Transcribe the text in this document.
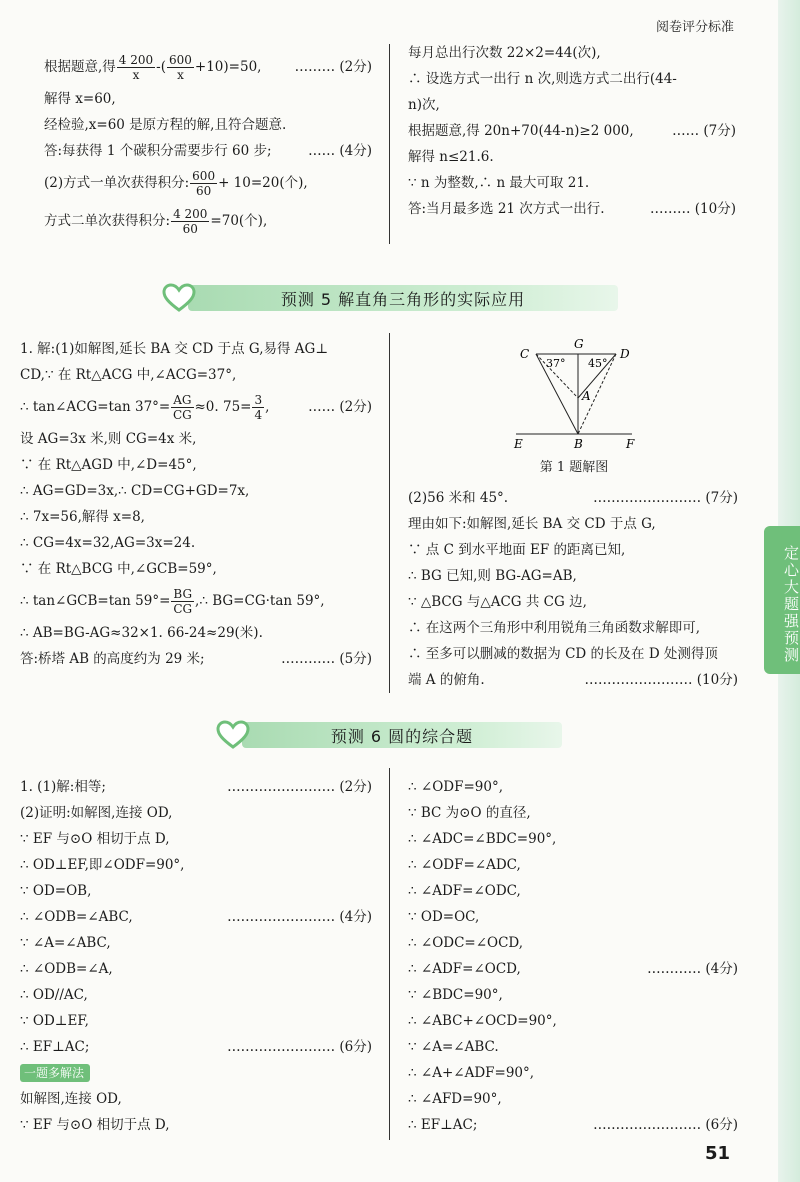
阅卷评分标准
定心大题强预测
根据题意,得 $\frac{4 200}{x}$ -( $\frac{600}{x} +10)=50$, ……… (2分)
解得 x=60,
经检验,x=60 是原方程的解,且符合题意.
答:每获得 1 个碳积分需要步行 60 步;	…… (4分)
(2)方式一单次获得积分: $\frac{600}{60} + 10=20$(个),
方式二单次获得积分: $\frac{4 200}{60} =70$(个),
每月总出行次数 22×2=44(次),
∴ 设选方式一出行 n 次,则选方式二出行(44-
n)次,
根据题意,得 20n+70(44-n)≥2 000,	…… (7分)
解得 n≤21.6.
∵ n 为整数,∴ n 最大可取 21.
答:当月最多选 21 次方式一出行.	……… (10分)
预测 5 解直角三角形的实际应用
1. 解:(1)如解图,延长 BA 交 CD 于点 G,易得 AG⊥
CD,∵ 在 Rt△ACG 中,∠ACG=37°,
∴ tan∠ACG=tan $37^\circ= \frac{AG}{CG} \approx 0$. $75= \frac{3}{4}$ ,	…… (2分)
设 AG=3x 米,则 CG=4x 米,
∵ 在 Rt△AGD 中,∠D=45°,
∴ AG=GD=3x,∴ CD=CG+GD=7x,
∴ 7x=56,解得 x=8,
∴ CG=4x=32,AG=3x=24.
∵ 在 Rt△BCG 中,∠GCB=59°,
∴ tan∠GCB=tan $59^\circ= \frac{BG}{CG}$ ,∴ BG=CG·tan 59°,
∴ AB=BG-AG≈32×1. 66-24≈29(米).
答:桥塔 AB 的高度约为 29 米;	………… (5分)
C
G
D
A
E	B	F
37° 45°
第 1 题解图
(2)56 米和 45°.	…………………… (7分)
理由如下:如解图,延长 BA 交 CD 于点 G,
∵ 点 C 到水平地面 EF 的距离已知,
∴ BG 已知,则 BG-AG=AB,
∵ △BCG 与△ACG 共 CG 边,
∴ 在这两个三角形中利用锐角三角函数求解即可,
∴ 至多可以删减的数据为 CD 的长及在 D 处测得顶
端 A 的俯角.	…………………… (10分)
预测 6 圆的综合题
1. (1)解:相等;	…………………… (2分)
(2)证明:如解图,连接 OD,
∵ EF 与⊙O 相切于点 D,
∴ OD⊥EF,即∠ODF=90°,
∵ OD=OB,
∴ ∠ODB=∠ABC,	…………………… (4分)
∵ ∠A=∠ABC,
∴ ∠ODB=∠A,
∴ OD//AC,
∵ OD⊥EF,
∴ EF⊥AC;	…………………… (6分)
一题多解法
如解图,连接 OD,
∵ EF 与⊙O 相切于点 D,
∴ ∠ODF=90°,
∵ BC 为⊙O 的直径,
∴ ∠ADC=∠BDC=90°,
∴ ∠ODF=∠ADC,
∴ ∠ADF=∠ODC,
∵ OD=OC,
∴ ∠ODC=∠OCD,
∴ ∠ADF=∠OCD,	………… (4分)
∵ ∠BDC=90°,
∴ ∠ABC+∠OCD=90°,
∵ ∠A=∠ABC.
∴ ∠A+∠ADF=90°,
∴ ∠AFD=90°,
∴ EF⊥AC;	…………………… (6分)
51
